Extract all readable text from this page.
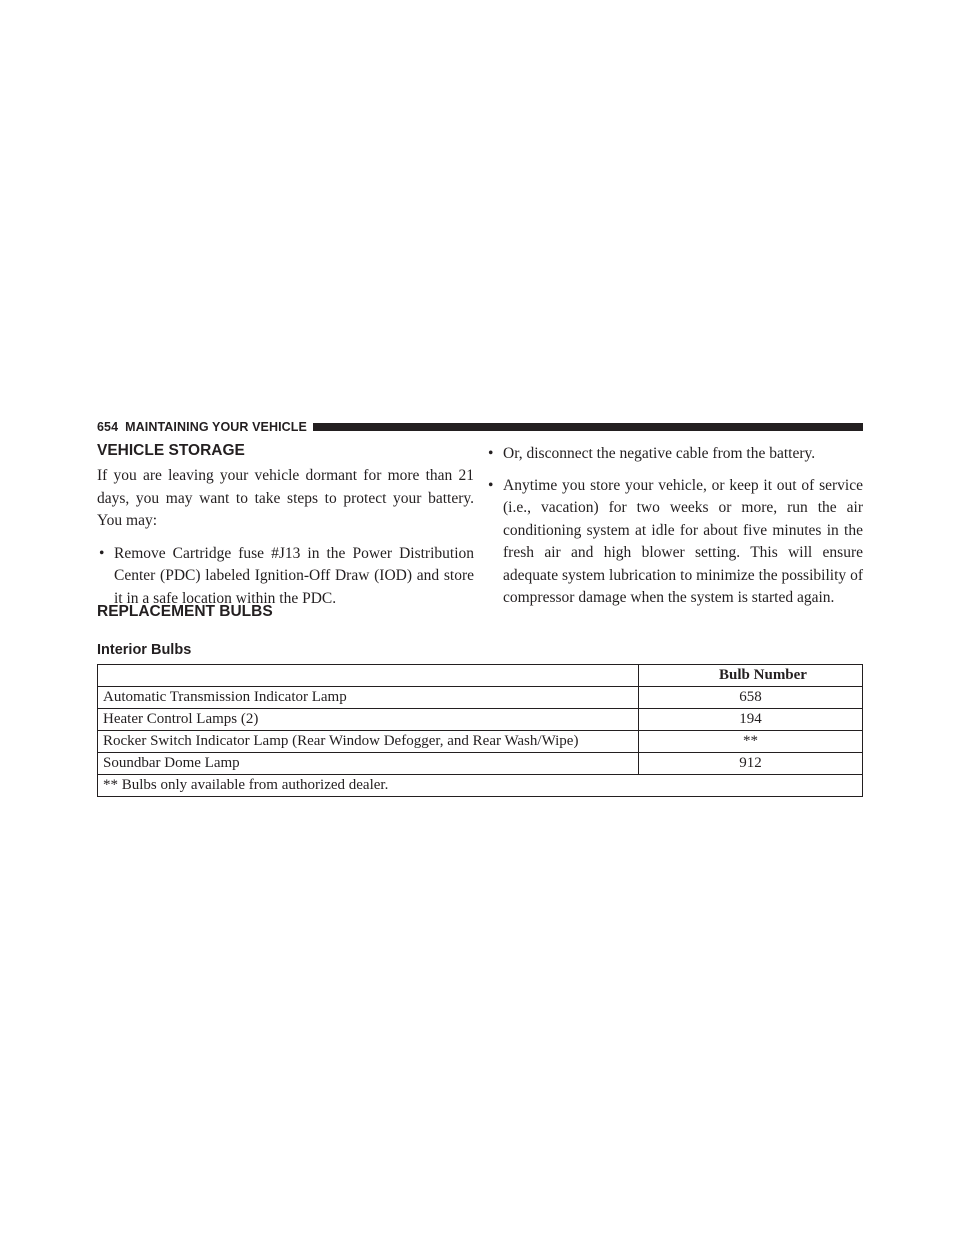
654 MAINTAINING YOUR VEHICLE
VEHICLE STORAGE

If you are leaving your vehicle dormant for more than 21 days, you may want to take steps to protect your battery. You may:

• Remove Cartridge fuse #J13 in the Power Distribution Center (PDC) labeled Ignition-Off Draw (IOD) and store it in a safe location within the PDC.
• Or, disconnect the negative cable from the battery.
• Anytime you store your vehicle, or keep it out of service (i.e., vacation) for two weeks or more, run the air conditioning system at idle for about five minutes in the fresh air and high blower setting. This will ensure adequate system lubrication to minimize the possibility of compressor damage when the system is started again.
REPLACEMENT BULBS
Interior Bulbs
	Bulb Number
Automatic Transmission Indicator Lamp	658
Heater Control Lamps (2)	194
Rocker Switch Indicator Lamp (Rear Window Defogger, and Rear Wash/Wipe)	**
Soundbar Dome Lamp	912
** Bulbs only available from authorized dealer.	
